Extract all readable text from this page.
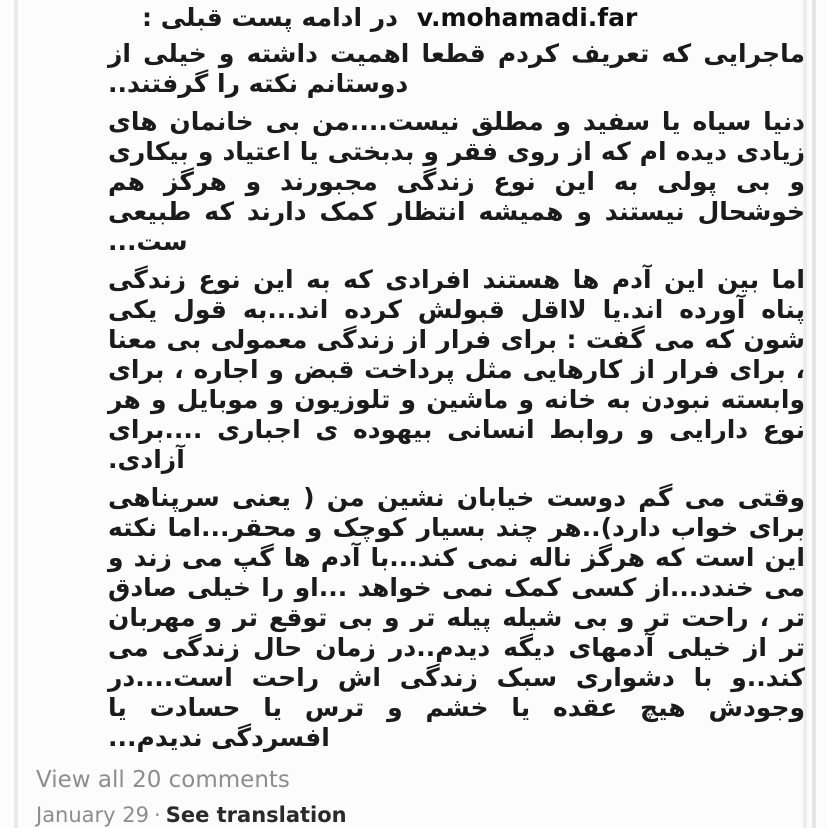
v.mohamadi.far در ادامه پست قبلی :

ماجرایی که تعریف کردم قطعا اهمیت داشته و خیلی از دوستانم نکته را گرفتند..

دنیا سیاه یا سفید و مطلق نیست....من بی خانمان های زیادی دیده ام که از روی فقر و بدبختی یا اعتیاد و بیکاری و بی پولی به این نوع زندگی مجبورند و هرگز هم خوشحال نیستند و همیشه انتظار کمک دارند که طبیعی ست...

اما بین این آدم ها هستند افرادی که به این نوع زندگی پناه آورده اند.یا لااقل قبولش کرده اند...به قول یکی شون که می گفت : برای فرار از زندگی معمولی بی معنا ، برای فرار از کارهایی مثل پرداخت قبض و اجاره ، برای وابسته نبودن به خانه و ماشین و تلوزیون و موبایل و هر نوع دارایی و روابط انسانی بیهوده ی اجباری ....برای آزادی.

وقتی می گم دوست خیابان نشین من ( یعنی سرپناهی برای خواب دارد)..هر چند بسیار کوچک و محقر...اما نکته این است که هرگز ناله نمی کند...با آدم ها گپ می زند و می خندد...از کسی کمک نمی خواهد ...او را خیلی صادق تر ، راحت تر و بی شیله پیله تر و بی توقع تر و مهربان تر از خیلی آدمهای دیگه دیدم..در زمان حال زندگی می کند..و با دشواری سبک زندگی اش راحت است....در وجودش هیچ عقده یا خشم و ترس یا حسادت یا افسردگی ندیدم...

View all 20 comments
January 29 · See translation
